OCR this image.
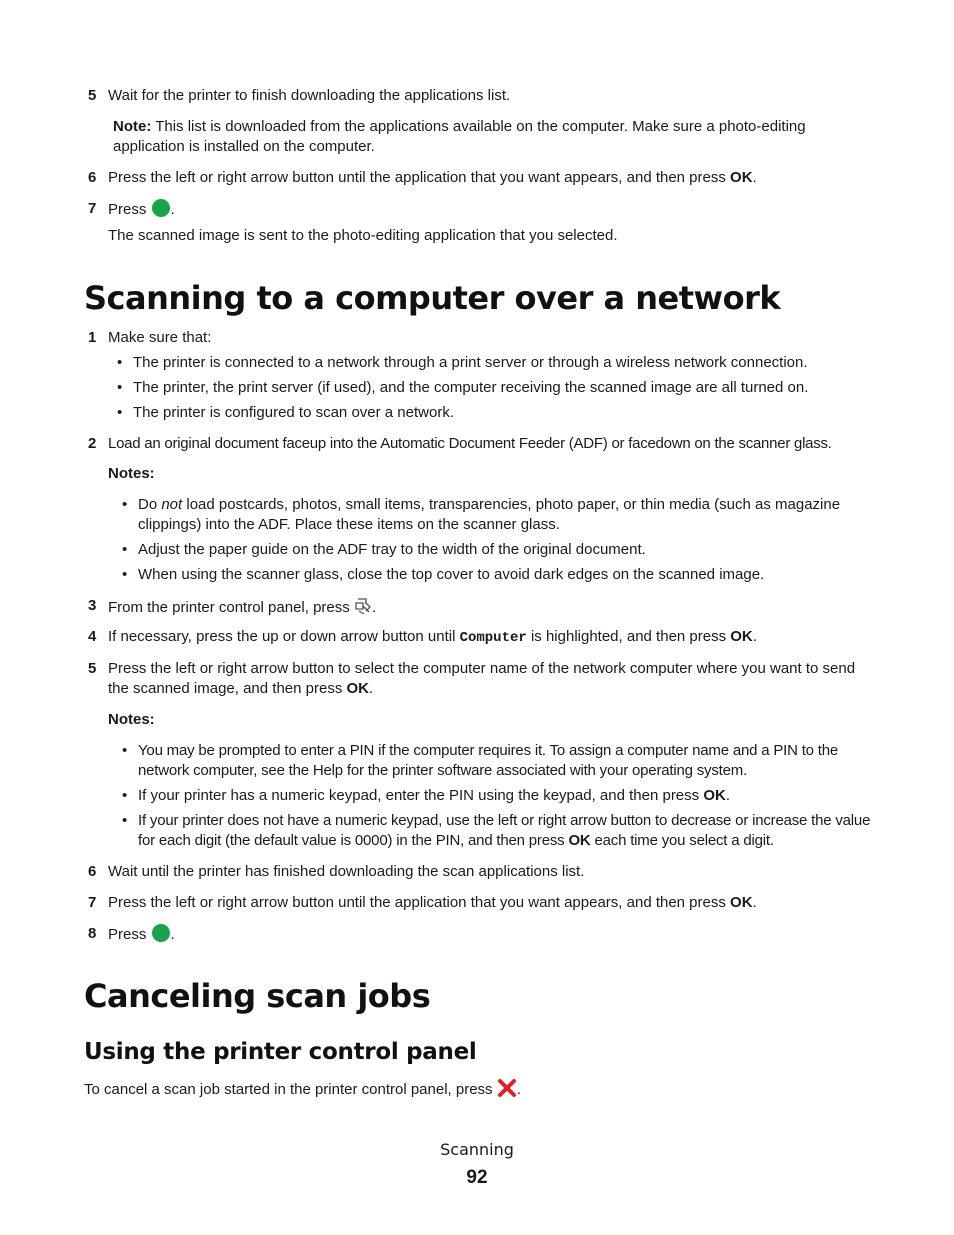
5 Wait for the printer to finish downloading the applications list.
Note: This list is downloaded from the applications available on the computer. Make sure a photo-editing application is installed on the computer.
6 Press the left or right arrow button until the application that you want appears, and then press OK.
7 Press .
The scanned image is sent to the photo-editing application that you selected.
Scanning to a computer over a network
1 Make sure that:
• The printer is connected to a network through a print server or through a wireless network connection.
• The printer, the print server (if used), and the computer receiving the scanned image are all turned on.
• The printer is configured to scan over a network.
2 Load an original document faceup into the Automatic Document Feeder (ADF) or facedown on the scanner glass.
Notes:
• Do not load postcards, photos, small items, transparencies, photo paper, or thin media (such as magazine clippings) into the ADF. Place these items on the scanner glass.
• Adjust the paper guide on the ADF tray to the width of the original document.
• When using the scanner glass, close the top cover to avoid dark edges on the scanned image.
3 From the printer control panel, press .
4 If necessary, press the up or down arrow button until Computer is highlighted, and then press OK.
5 Press the left or right arrow button to select the computer name of the network computer where you want to send the scanned image, and then press OK.
Notes:
• You may be prompted to enter a PIN if the computer requires it. To assign a computer name and a PIN to the network computer, see the Help for the printer software associated with your operating system.
• If your printer has a numeric keypad, enter the PIN using the keypad, and then press OK.
• If your printer does not have a numeric keypad, use the left or right arrow button to decrease or increase the value for each digit (the default value is 0000) in the PIN, and then press OK each time you select a digit.
6 Wait until the printer has finished downloading the scan applications list.
7 Press the left or right arrow button until the application that you want appears, and then press OK.
8 Press .
Canceling scan jobs
Using the printer control panel
To cancel a scan job started in the printer control panel, press .
Scanning
92
